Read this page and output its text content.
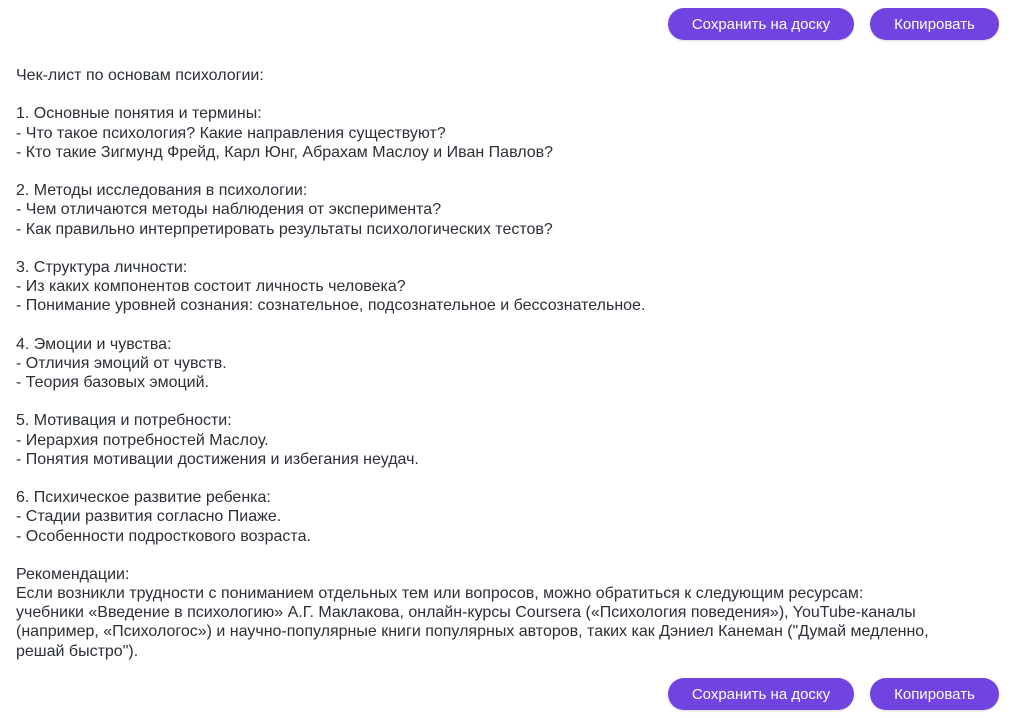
Сохранить на доску	Копировать

Чек-лист по основам психологии:

1. Основные понятия и термины:

- Что такое психология? Какие направления существуют?

- Кто такие Зигмунд Фрейд, Карл Юнг, Абрахам Маслоу и Иван Павлов?

2. Методы исследования в психологии:

- Чем отличаются методы наблюдения от эксперимента?

- Как правильно интерпретировать результаты психологических тестов?

3. Структура личности:

- Из каких компонентов состоит личность человека?

- Понимание уровней сознания: сознательное, подсознательное и бессознательное.

4. Эмоции и чувства:

- Отличия эмоций от чувств.

- Теория базовых эмоций.

5. Мотивация и потребности:

- Иерархия потребностей Маслоу.

- Понятия мотивации достижения и избегания неудач.

6. Психическое развитие ребенка:

- Стадии развития согласно Пиаже.

- Особенности подросткового возраста.

Рекомендации:

Если возникли трудности с пониманием отдельных тем или вопросов, можно обратиться к следующим ресурсам:

учебники «Введение в психологию» А.Г. Маклакова, онлайн-курсы Coursera («Психология поведения»), YouTube-каналы

(например, «Психологос») и научно-популярные книги популярных авторов, таких как Дэниел Канеман ("Думай медленно,

решай быстро").

Сохранить на доску	Копировать
